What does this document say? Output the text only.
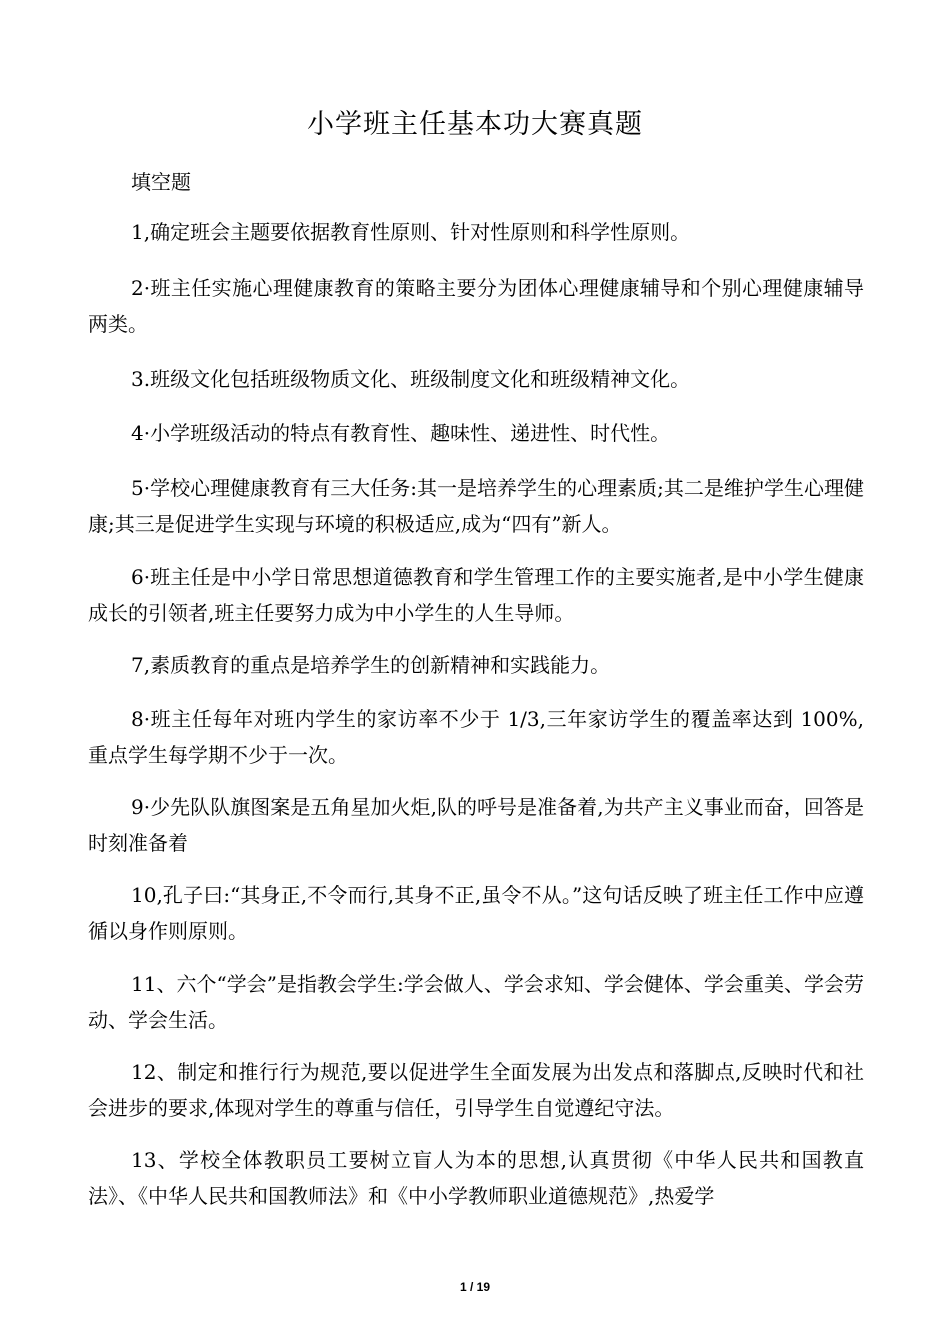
小学班主任基本功大赛真题
填空题

1,确定班会主题要依据教育性原则、针对性原则和科学性原则。

2·班主任实施心理健康教育的策略主要分为团体心理健康辅导和个别心理健康辅导两类。

3.班级文化包括班级物质文化、班级制度文化和班级精神文化。

4·小学班级活动的特点有教育性、趣味性、递进性、时代性。

5·学校心理健康教育有三大任务:其一是培养学生的心理素质;其二是维护学生心理健康;其三是促进学生实现与环境的积极适应,成为“四有”新人。

6·班主任是中小学日常思想道德教育和学生管理工作的主要实施者,是中小学生健康成长的引领者,班主任要努力成为中小学生的人生导师。

7,素质教育的重点是培养学生的创新精神和实践能力。

8·班主任每年对班内学生的家访率不少于 1/3,三年家访学生的覆盖率达到 100%,重点学生每学期不少于一次。

9·少先队队旗图案是五角星加火炬,队的呼号是准备着,为共产主义事业而奋，回答是时刻准备着

10,孔子曰:“其身正,不令而行,其身不正,虽令不从。”这句话反映了班主任工作中应遵循以身作则原则。

11、六个“学会”是指教会学生:学会做人、学会求知、学会健体、学会重美、学会劳动、学会生活。

12、制定和推行行为规范,要以促进学生全面发展为出发点和落脚点,反映时代和社会进步的要求,体现对学生的尊重与信任，引导学生自觉遵纪守法。

13、学校全体教职员工要树立盲人为本的思想,认真贯彻《中华人民共和国教直法》、《中华人民共和国教师法》和《中小学教师职业道德规范》,热爱学

1 / 19
